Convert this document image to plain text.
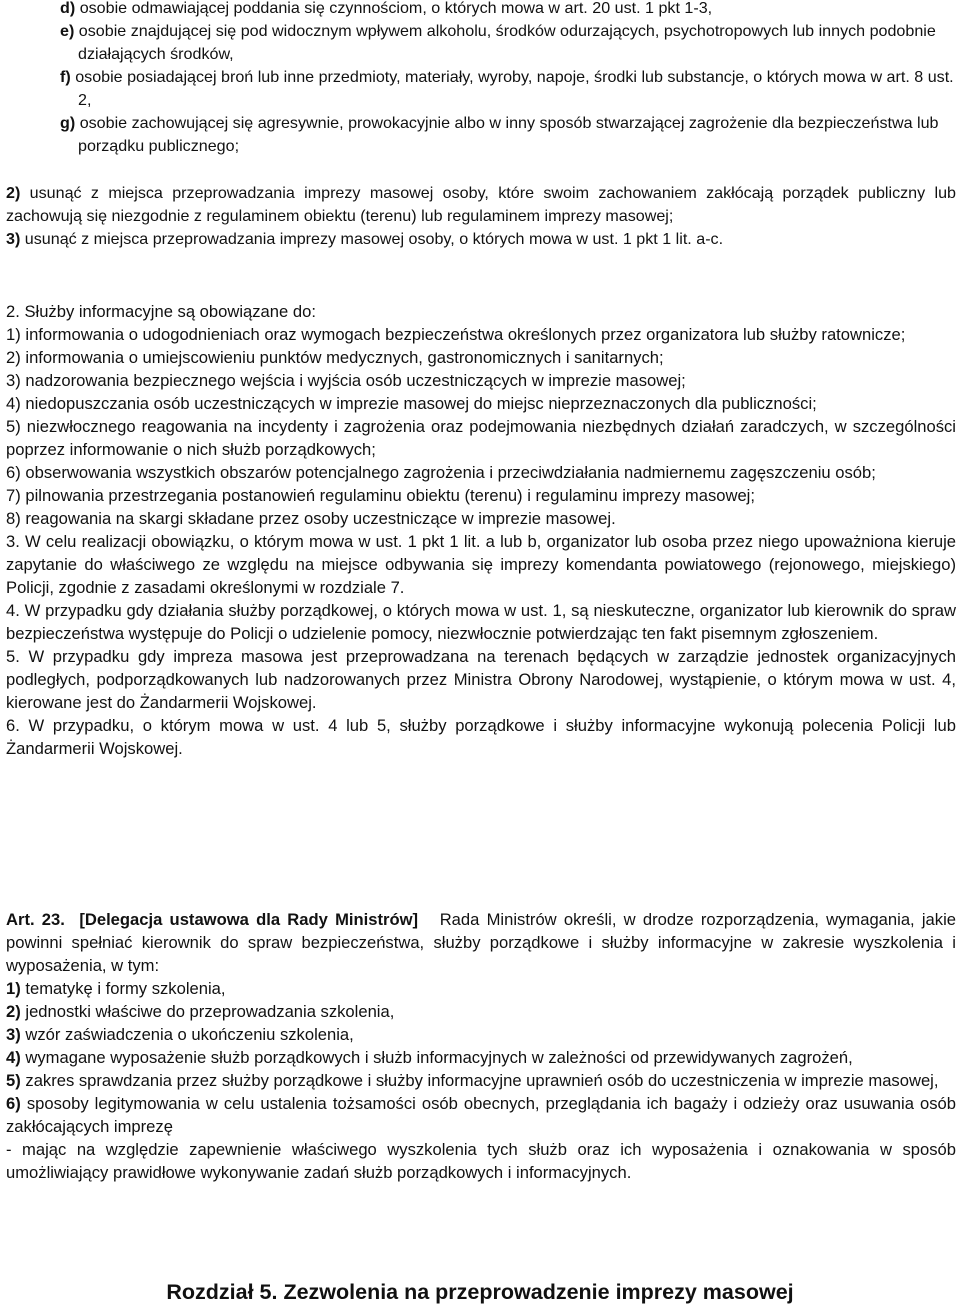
d) osobie odmawiającej poddania się czynnościom, o których mowa w art. 20 ust. 1 pkt 1-3,

e) osobie znajdującej się pod widocznym wpływem alkoholu, środków odurzających, psychotropowych lub innych podobnie działających środków,

f) osobie posiadającej broń lub inne przedmioty, materiały, wyroby, napoje, środki lub substancje, o których mowa w art. 8 ust. 2,

g) osobie zachowującej się agresywnie, prowokacyjnie albo w inny sposób stwarzającej zagrożenie dla bezpieczeństwa lub porządku publicznego;

2) usunąć z miejsca przeprowadzania imprezy masowej osoby, które swoim zachowaniem zakłócają porządek publiczny lub zachowują się niezgodnie z regulaminem obiektu (terenu) lub regulaminem imprezy masowej;

3) usunąć z miejsca przeprowadzania imprezy masowej osoby, o których mowa w ust. 1 pkt 1 lit. a-c.

2. Służby informacyjne są obowiązane do:

1) informowania o udogodnieniach oraz wymogach bezpieczeństwa określonych przez organizatora lub służby ratownicze;

2) informowania o umiejscowieniu punktów medycznych, gastronomicznych i sanitarnych;

3) nadzorowania bezpiecznego wejścia i wyjścia osób uczestniczących w imprezie masowej;

4) niedopuszczania osób uczestniczących w imprezie masowej do miejsc nieprzeznaczonych dla publiczności;

5) niezwłocznego reagowania na incydenty i zagrożenia oraz podejmowania niezbędnych działań zaradczych, w szczególności poprzez informowanie o nich służb porządkowych;

6) obserwowania wszystkich obszarów potencjalnego zagrożenia i przeciwdziałania nadmiernemu zagęszczeniu osób;

7) pilnowania przestrzegania postanowień regulaminu obiektu (terenu) i regulaminu imprezy masowej;

8) reagowania na skargi składane przez osoby uczestniczące w imprezie masowej.

3. W celu realizacji obowiązku, o którym mowa w ust. 1 pkt 1 lit. a lub b, organizator lub osoba przez niego upoważniona kieruje zapytanie do właściwego ze względu na miejsce odbywania się imprezy komendanta powiatowego (rejonowego, miejskiego) Policji, zgodnie z zasadami określonymi w rozdziale 7.

4. W przypadku gdy działania służby porządkowej, o których mowa w ust. 1, są nieskuteczne, organizator lub kierownik do spraw bezpieczeństwa występuje do Policji o udzielenie pomocy, niezwłocznie potwierdzając ten fakt pisemnym zgłoszeniem.

5. W przypadku gdy impreza masowa jest przeprowadzana na terenach będących w zarządzie jednostek organizacyjnych podległych, podporządkowanych lub nadzorowanych przez Ministra Obrony Narodowej, wystąpienie, o którym mowa w ust. 4, kierowane jest do Żandarmerii Wojskowej.

6. W przypadku, o którym mowa w ust. 4 lub 5, służby porządkowe i służby informacyjne wykonują polecenia Policji lub Żandarmerii Wojskowej.

Art. 23. [Delegacja ustawowa dla Rady Ministrów] Rada Ministrów określi, w drodze rozporządzenia, wymagania, jakie powinni spełniać kierownik do spraw bezpieczeństwa, służby porządkowe i służby informacyjne w zakresie wyszkolenia i wyposażenia, w tym:

1) tematykę i formy szkolenia,

2) jednostki właściwe do przeprowadzania szkolenia,

3) wzór zaświadczenia o ukończeniu szkolenia,

4) wymagane wyposażenie służb porządkowych i służb informacyjnych w zależności od przewidywanych zagrożeń,

5) zakres sprawdzania przez służby porządkowe i służby informacyjne uprawnień osób do uczestniczenia w imprezie masowej,

6) sposoby legitymowania w celu ustalenia tożsamości osób obecnych, przeglądania ich bagaży i odzieży oraz usuwania osób zakłócających imprezę

- mając na względzie zapewnienie właściwego wyszkolenia tych służb oraz ich wyposażenia i oznakowania w sposób umożliwiający prawidłowe wykonywanie zadań służb porządkowych i informacyjnych.

Rozdział 5. Zezwolenia na przeprowadzenie imprezy masowej
